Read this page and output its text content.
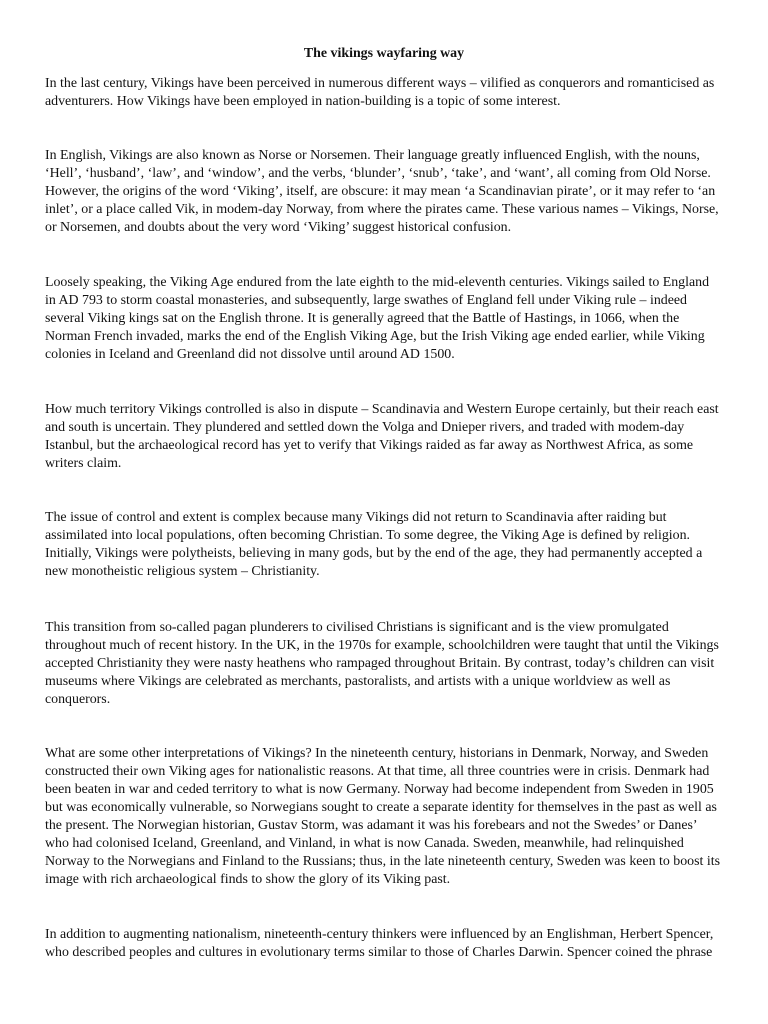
The vikings wayfaring way

In the last century, Vikings have been perceived in numerous different ways – vilified as conquerors and romanticised as adventurers. How Vikings have been employed in nation-building is a topic of some interest.

In English, Vikings are also known as Norse or Norsemen. Their language greatly influenced English, with the nouns, ‘Hell’, ‘husband’, ‘law’, and ‘window’, and the verbs, ‘blunder’, ‘snub’, ‘take’, and ‘want’, all coming from Old Norse. However, the origins of the word ‘Viking’, itself, are obscure: it may mean ‘a Scandinavian pirate’, or it may refer to ‘an inlet’, or a place called Vik, in modem-day Norway, from where the pirates came. These various names – Vikings, Norse, or Norsemen, and doubts about the very word ‘Viking’ suggest historical confusion.

Loosely speaking, the Viking Age endured from the late eighth to the mid-eleventh centuries. Vikings sailed to England in AD 793 to storm coastal monasteries, and subsequently, large swathes of England fell under Viking rule – indeed several Viking kings sat on the English throne. It is generally agreed that the Battle of Hastings, in 1066, when the Norman French invaded, marks the end of the English Viking Age, but the Irish Viking age ended earlier, while Viking colonies in Iceland and Greenland did not dissolve until around AD 1500.

How much territory Vikings controlled is also in dispute – Scandinavia and Western Europe certainly, but their reach east and south is uncertain. They plundered and settled down the Volga and Dnieper rivers, and traded with modem-day Istanbul, but the archaeological record has yet to verify that Vikings raided as far away as Northwest Africa, as some writers claim.

The issue of control and extent is complex because many Vikings did not return to Scandinavia after raiding but assimilated into local populations, often becoming Christian. To some degree, the Viking Age is defined by religion. Initially, Vikings were polytheists, believing in many gods, but by the end of the age, they had permanently accepted a new monotheistic religious system – Christianity.

This transition from so-called pagan plunderers to civilised Christians is significant and is the view promulgated throughout much of recent history. In the UK, in the 1970s for example, schoolchildren were taught that until the Vikings accepted Christianity they were nasty heathens who rampaged throughout Britain. By contrast, today’s children can visit museums where Vikings are celebrated as merchants, pastoralists, and artists with a unique worldview as well as conquerors.

What are some other interpretations of Vikings? In the nineteenth century, historians in Denmark, Norway, and Sweden constructed their own Viking ages for nationalistic reasons. At that time, all three countries were in crisis. Denmark had been beaten in war and ceded territory to what is now Germany. Norway had become independent from Sweden in 1905 but was economically vulnerable, so Norwegians sought to create a separate identity for themselves in the past as well as the present. The Norwegian historian, Gustav Storm, was adamant it was his forebears and not the Swedes’ or Danes’ who had colonised Iceland, Greenland, and Vinland, in what is now Canada. Sweden, meanwhile, had relinquished Norway to the Norwegians and Finland to the Russians; thus, in the late nineteenth century, Sweden was keen to boost its image with rich archaeological finds to show the glory of its Viking past.

In addition to augmenting nationalism, nineteenth-century thinkers were influenced by an Englishman, Herbert Spencer, who described peoples and cultures in evolutionary terms similar to those of Charles Darwin. Spencer coined the phrase
